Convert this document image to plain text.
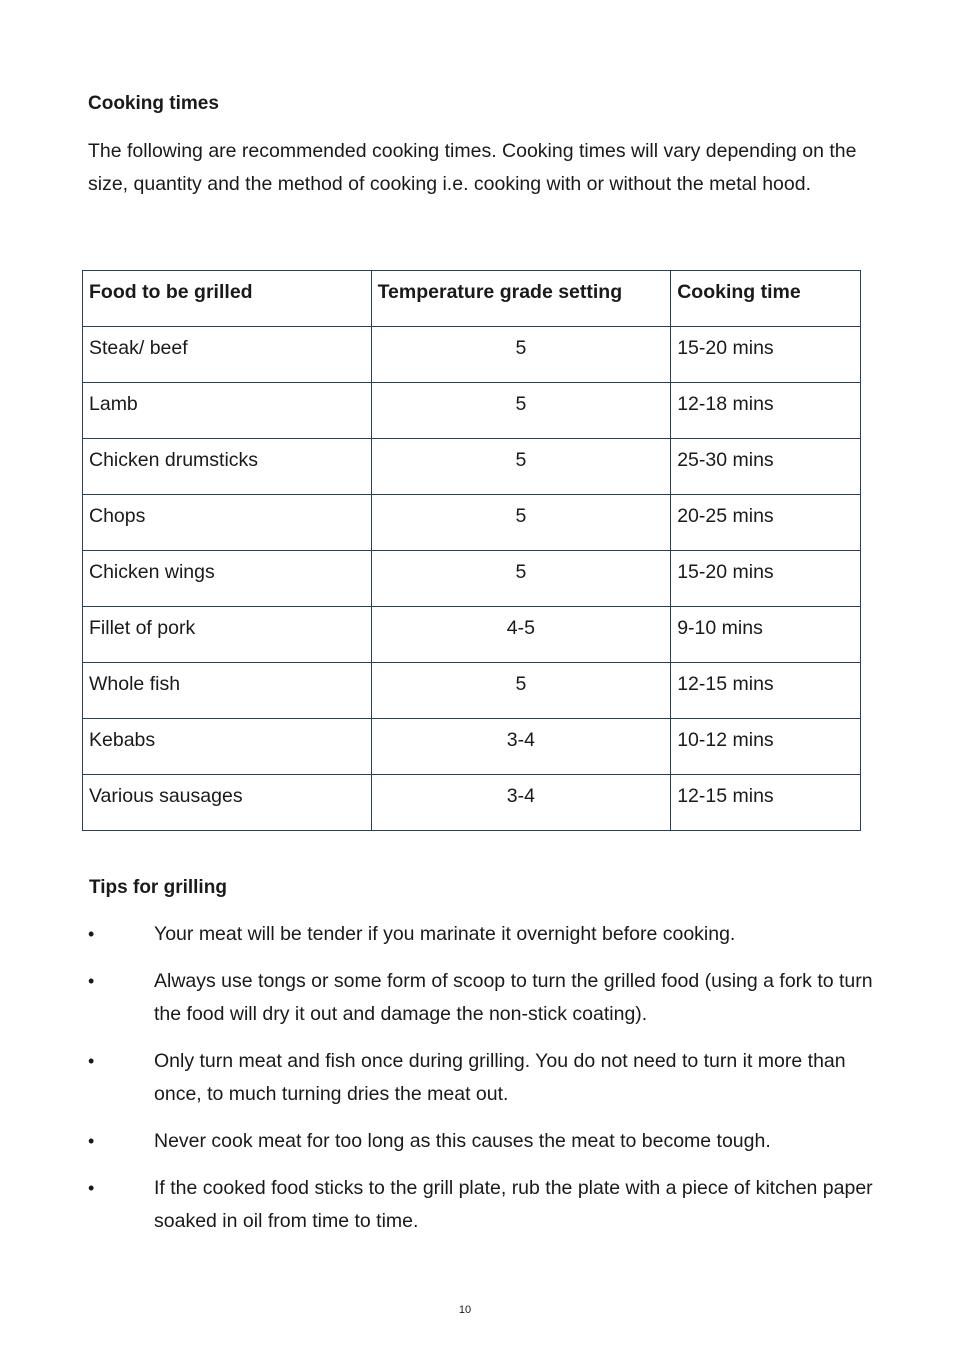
Cooking times

The following are recommended cooking times. Cooking times will vary depending on the size, quantity and the method of cooking i.e. cooking with or without the metal hood.

Food to be grilled	Temperature grade setting	Cooking time
Steak/ beef	5	15-20 mins
Lamb	5	12-18 mins
Chicken drumsticks	5	25-30 mins
Chops	5	20-25 mins
Chicken wings	5	15-20 mins
Fillet of pork	4-5	9-10 mins
Whole fish	5	12-15 mins
Kebabs	3-4	10-12 mins
Various sausages	3-4	12-15 mins
Tips for grilling
•	Your meat will be tender if you marinate it overnight before cooking.
•	Always use tongs or some form of scoop to turn the grilled food (using a fork to turn the food will dry it out and damage the non-stick coating).
•	Only turn meat and fish once during grilling. You do not need to turn it more than once, to much turning dries the meat out.
•	Never cook meat for too long as this causes the meat to become tough.
•	If the cooked food sticks to the grill plate, rub the plate with a piece of kitchen paper soaked in oil from time to time.
10
